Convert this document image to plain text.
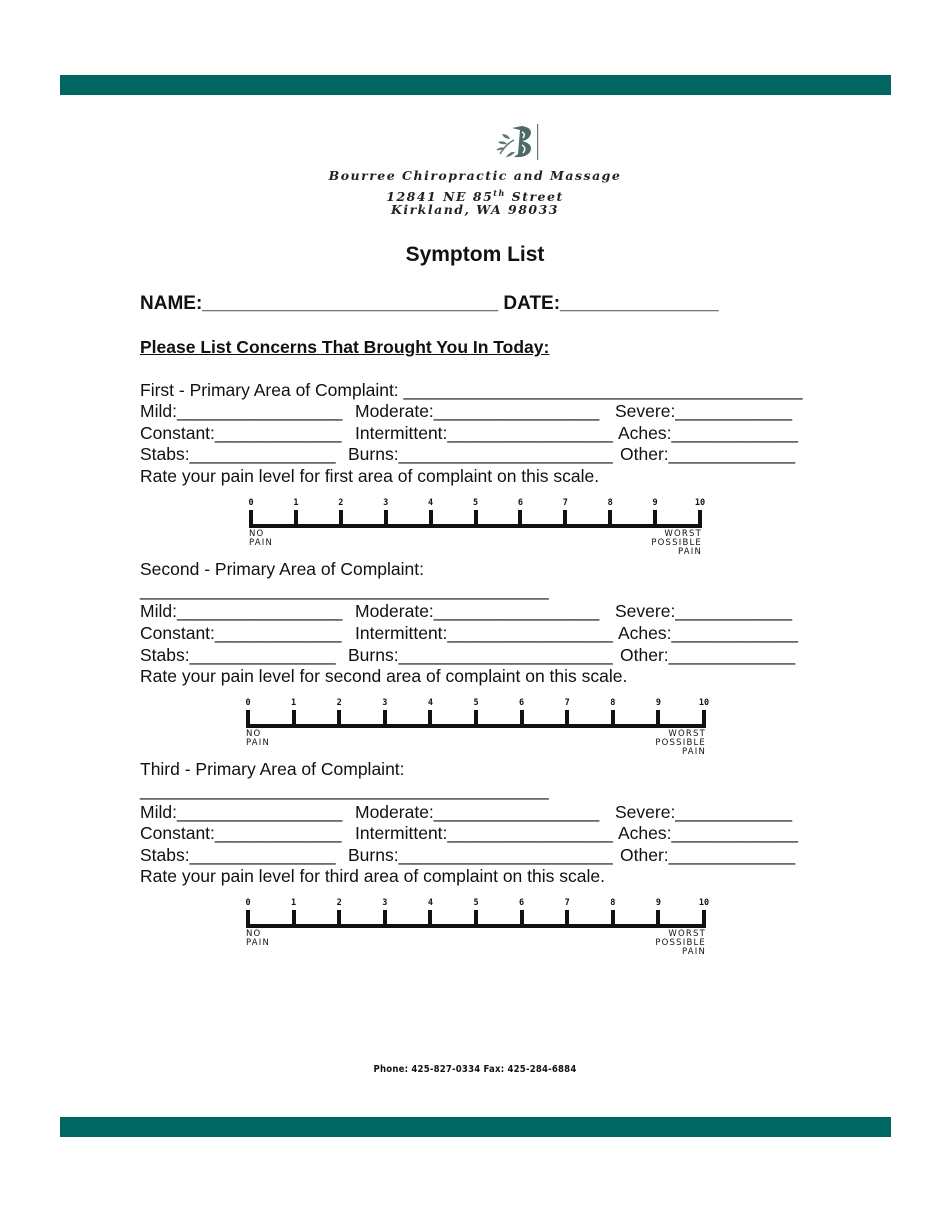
Bourree Chiropractic and Massage
12841 NE 85th Street
Kirkland, WA 98033
Symptom List
NAME:____________________________ DATE:_______________
Please List Concerns That Brought You In Today:
First - Primary Area of Complaint: _________________________________________
Mild:_________________ Moderate:_________________ Severe:____________
Constant:_____________ Intermittent:_________________ Aches:_____________
Stabs:_______________ Burns:______________________ Other:_____________
Rate your pain level for first area of complaint on this scale.
0	1	2	3	4	5	6	7	8	9	10
NO
PAIN
WORST
POSSIBLE
PAIN
Second - Primary Area of Complaint:
__________________________________________
Mild:_________________ Moderate:_________________ Severe:____________
Constant:_____________ Intermittent:_________________ Aches:_____________
Stabs:_______________ Burns:______________________ Other:_____________
Rate your pain level for second area of complaint on this scale.
0	1	2	3	4	5	6	7	8	9	10
NO
PAIN
WORST
POSSIBLE
PAIN
Third - Primary Area of Complaint:
__________________________________________
Mild:_________________ Moderate:_________________ Severe:____________
Constant:_____________ Intermittent:_________________ Aches:_____________
Stabs:_______________ Burns:______________________ Other:_____________
Rate your pain level for third area of complaint on this scale.
0	1	2	3	4	5	6	7	8	9	10
NO
PAIN
WORST
POSSIBLE
PAIN
Phone: 425-827-0334 Fax: 425-284-6884
